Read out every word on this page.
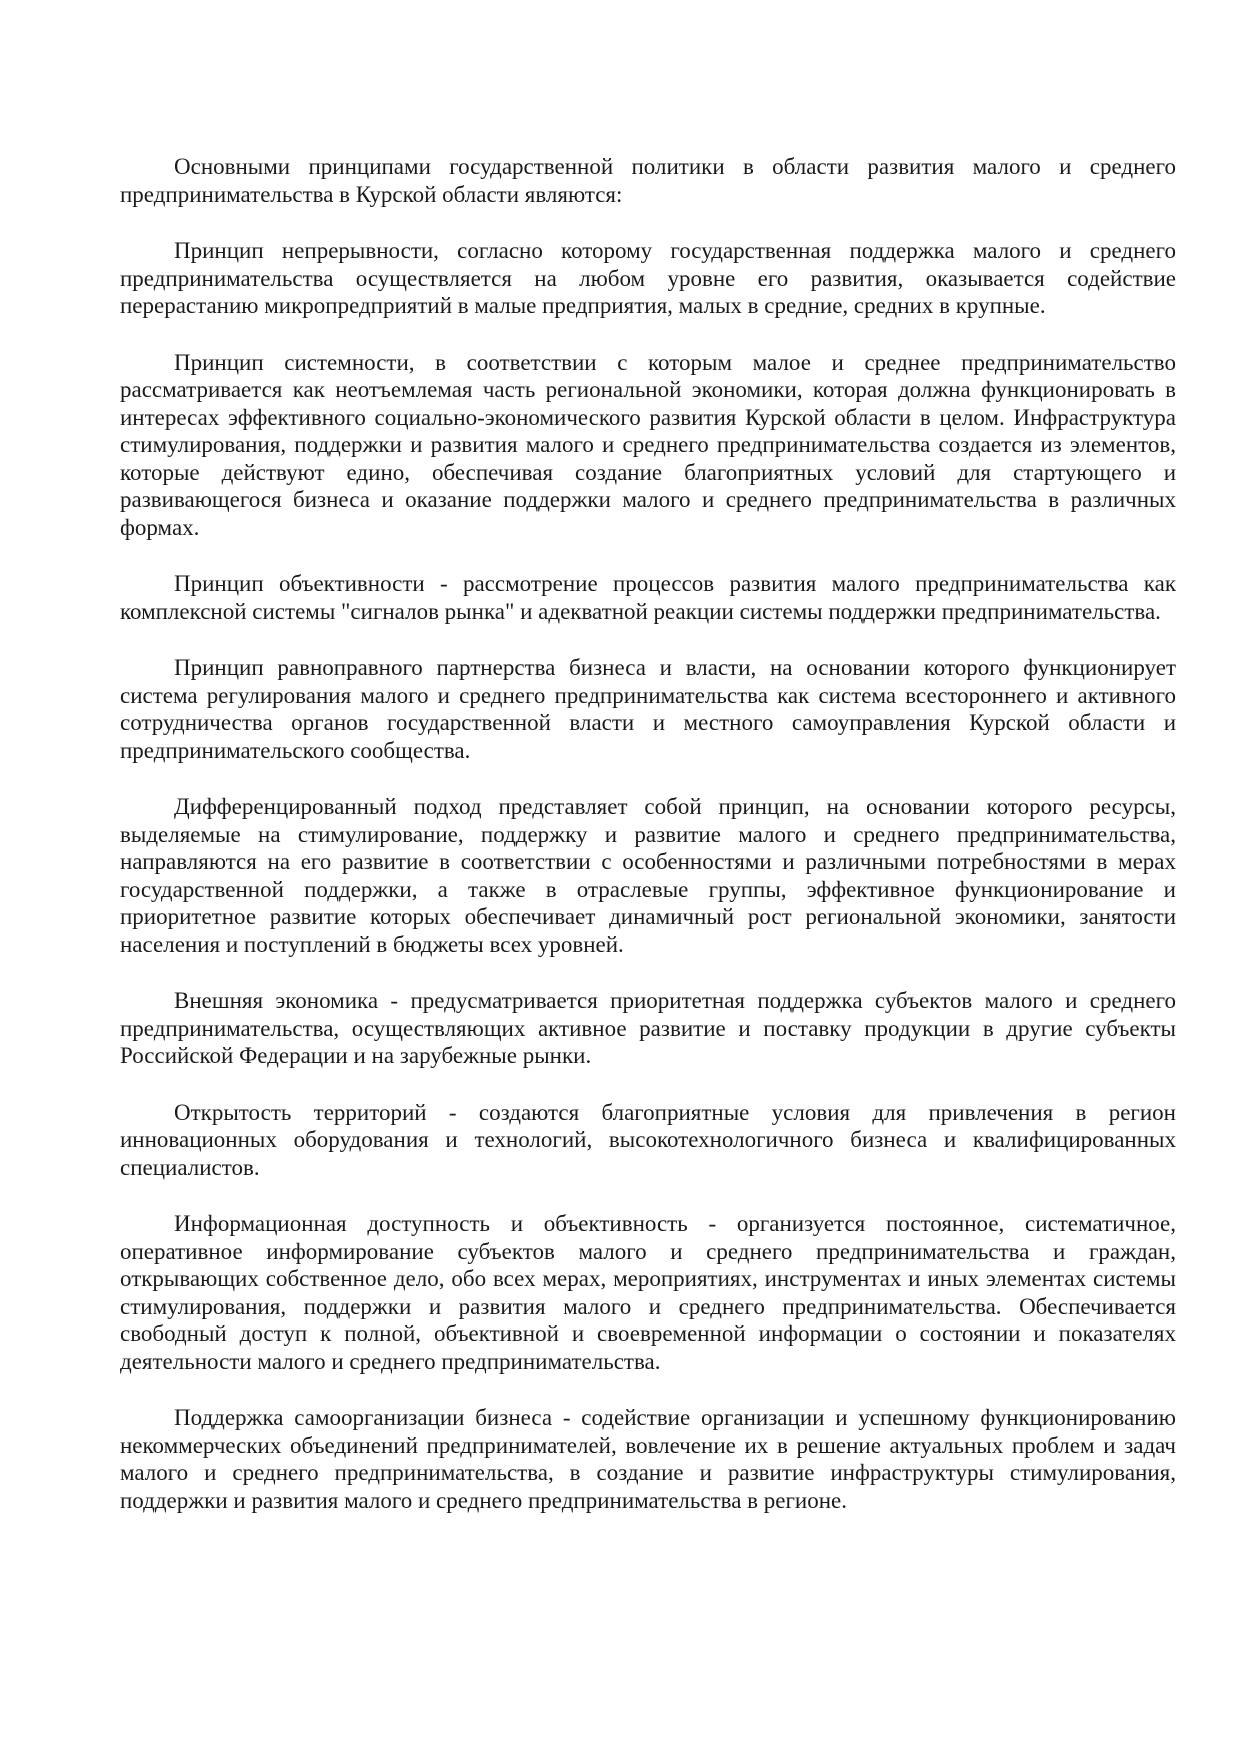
Основными принципами государственной политики в области развития малого и среднего предпринимательства в Курской области являются:

Принцип непрерывности, согласно которому государственная поддержка малого и среднего предпринимательства осуществляется на любом уровне его развития, оказывается содействие перерастанию микропредприятий в малые предприятия, малых в средние, средних в крупные.

Принцип системности, в соответствии с которым малое и среднее предпринимательство рассматривается как неотъемлемая часть региональной экономики, которая должна функционировать в интересах эффективного социально-экономического развития Курской области в целом. Инфраструктура стимулирования, поддержки и развития малого и среднего предпринимательства создается из элементов, которые действуют едино, обеспечивая создание благоприятных условий для стартующего и развивающегося бизнеса и оказание поддержки малого и среднего предпринимательства в различных формах.

Принцип объективности - рассмотрение процессов развития малого предпринимательства как комплексной системы "сигналов рынка" и адекватной реакции системы поддержки предпринимательства.

Принцип равноправного партнерства бизнеса и власти, на основании которого функционирует система регулирования малого и среднего предпринимательства как система всестороннего и активного сотрудничества органов государственной власти и местного самоуправления Курской области и предпринимательского сообщества.

Дифференцированный подход представляет собой принцип, на основании которого ресурсы, выделяемые на стимулирование, поддержку и развитие малого и среднего предпринимательства, направляются на его развитие в соответствии с особенностями и различными потребностями в мерах государственной поддержки, а также в отраслевые группы, эффективное функционирование и приоритетное развитие которых обеспечивает динамичный рост региональной экономики, занятости населения и поступлений в бюджеты всех уровней.

Внешняя экономика - предусматривается приоритетная поддержка субъектов малого и среднего предпринимательства, осуществляющих активное развитие и поставку продукции в другие субъекты Российской Федерации и на зарубежные рынки.

Открытость территорий - создаются благоприятные условия для привлечения в регион инновационных оборудования и технологий, высокотехнологичного бизнеса и квалифицированных специалистов.

Информационная доступность и объективность - организуется постоянное, систематичное, оперативное информирование субъектов малого и среднего предпринимательства и граждан, открывающих собственное дело, обо всех мерах, мероприятиях, инструментах и иных элементах системы стимулирования, поддержки и развития малого и среднего предпринимательства. Обеспечивается свободный доступ к полной, объективной и своевременной информации о состоянии и показателях деятельности малого и среднего предпринимательства.

Поддержка самоорганизации бизнеса - содействие организации и успешному функционированию некоммерческих объединений предпринимателей, вовлечение их в решение актуальных проблем и задач малого и среднего предпринимательства, в создание и развитие инфраструктуры стимулирования, поддержки и развития малого и среднего предпринимательства в регионе.
